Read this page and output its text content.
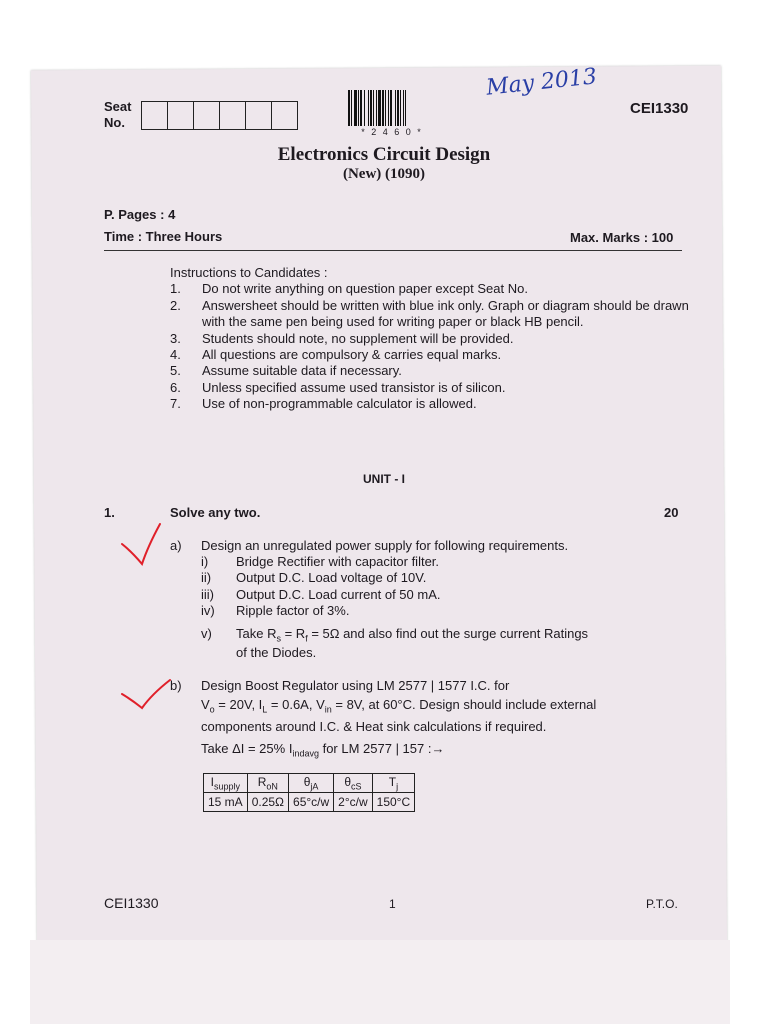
Seat
No.
* 2 4 6 0 *
May 2013
CEI1330
Electronics Circuit Design
(New) (1090)
P. Pages : 4
Time : Three Hours	Max. Marks : 100
Instructions to Candidates :
1.	Do not write anything on question paper except Seat No.
2.	Answersheet should be written with blue ink only. Graph or diagram should be drawn with the same pen being used for writing paper or black HB pencil.
3.	Students should note, no supplement will be provided.
4.	All questions are compulsory & carries equal marks.
5.	Assume suitable data if necessary.
6.	Unless specified assume used transistor is of silicon.
7.	Use of non-programmable calculator is allowed.
UNIT - I
1.	Solve any two.	20
a) Design an unregulated power supply for following requirements.
i)	Bridge Rectifier with capacitor filter.
ii)	Output D.C. Load voltage of 10V.
iii)	Output D.C. Load current of 50 mA.
iv)	Ripple factor of 3%.
v) Take $R_s = R_f = 5\Omega$ and also find out the surge current Ratings
of the Diodes.
b) Design Boost Regulator using LM 2577 | 1577 I.C. for
$V_o = 20V$, $I_L = 0.6A$, $V_{in} = 8V$, at 60°C. Design should include external
components around I.C. & Heat sink calculations if required.
Take ΔI = 25% $I_{indavg}$ for LM 2577 | 157 :→
$I_{supply}$	$R_{oN}$	$\theta_{jA}$	$\theta_{cS}$	$T_j$
15 mA	0.25Ω	65°c/w	2°c/w	150°C
CEI1330	1	P.T.O.
